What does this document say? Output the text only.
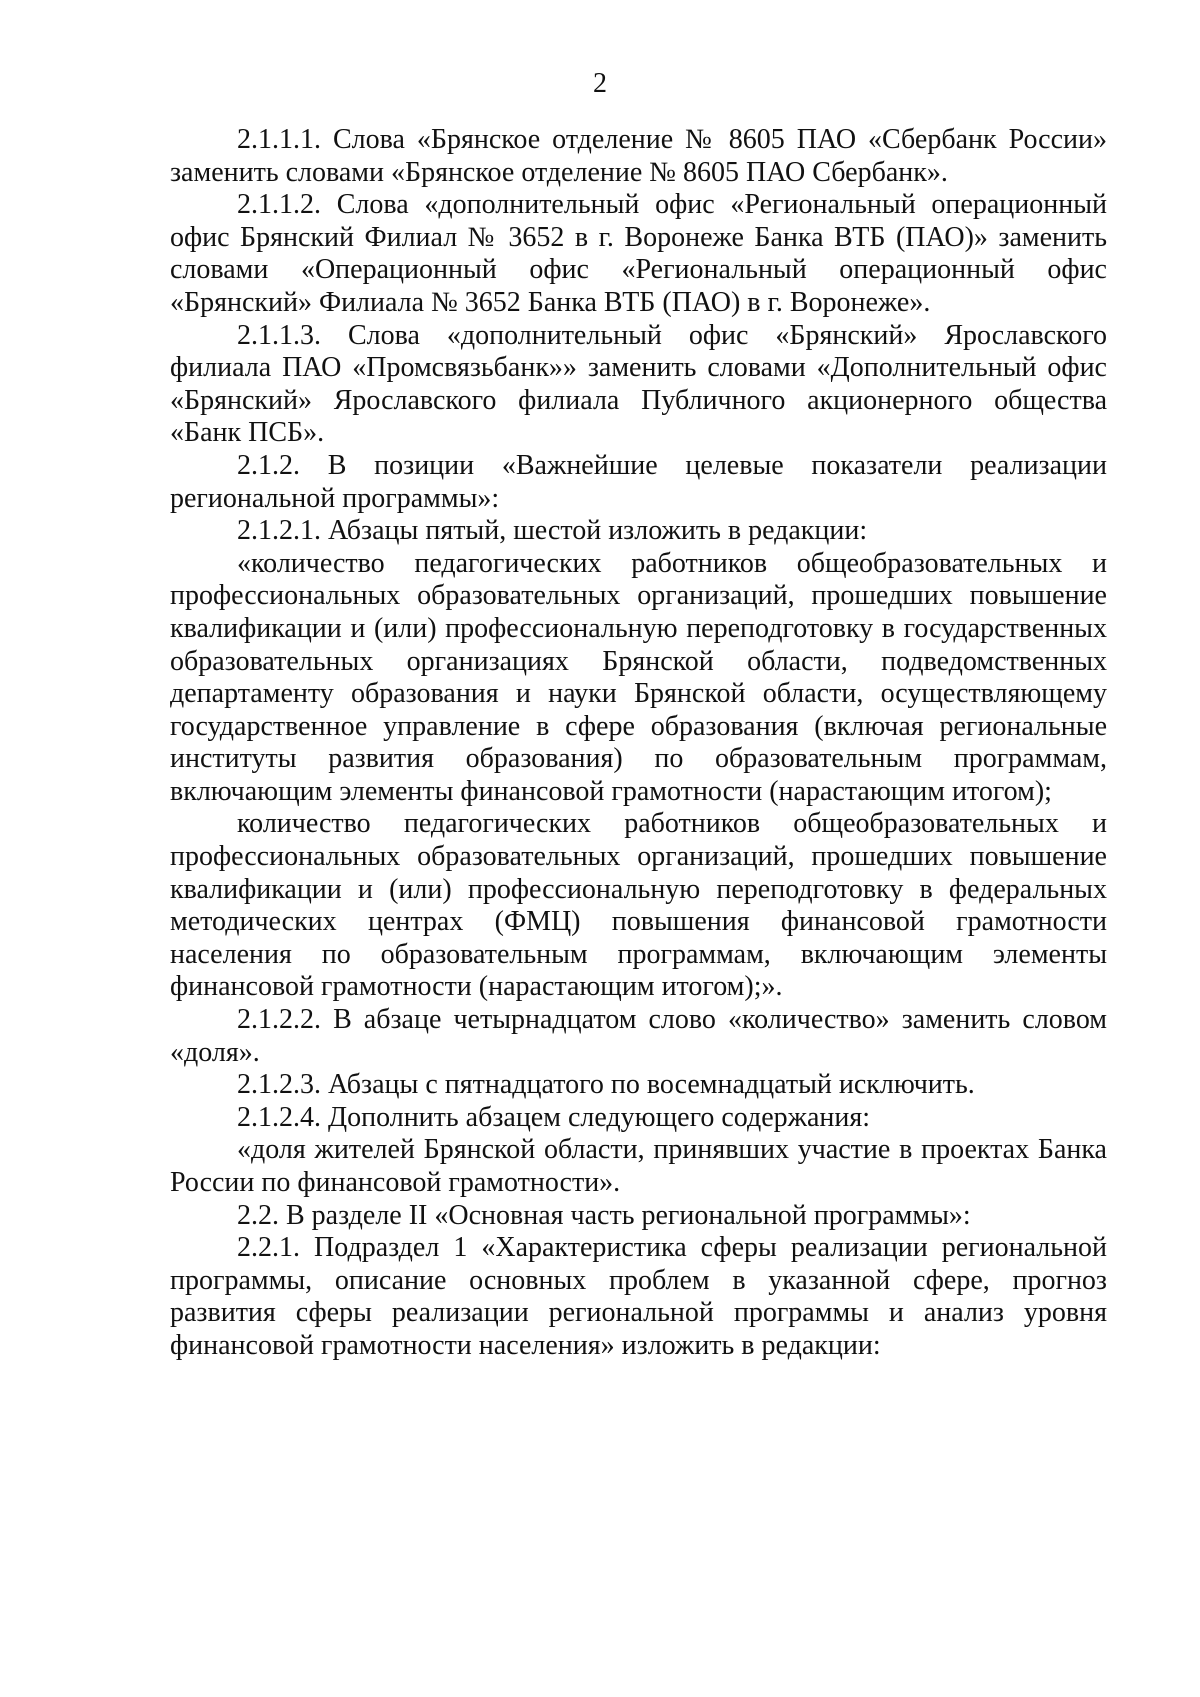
2

2.1.1.1. Слова «Брянское отделение № 8605 ПАО «Сбербанк России» заменить словами «Брянское отделение № 8605 ПАО Сбербанк».

2.1.1.2. Слова «дополнительный офис «Региональный операционный офис Брянский Филиал № 3652 в г. Воронеже Банка ВТБ (ПАО)» заменить словами «Операционный офис «Региональный операционный офис «Брянский» Филиала № 3652 Банка ВТБ (ПАО) в г. Воронеже».

2.1.1.3. Слова «дополнительный офис «Брянский» Ярославского филиала ПАО «Промсвязьбанк»» заменить словами «Дополнительный офис «Брянский» Ярославского филиала Публичного акционерного общества «Банк ПСБ».

2.1.2. В позиции «Важнейшие целевые показатели реализации региональной программы»:

2.1.2.1. Абзацы пятый, шестой изложить в редакции:

«количество педагогических работников общеобразовательных и профессиональных образовательных организаций, прошедших повышение квалификации и (или) профессиональную переподготовку в государственных образовательных организациях Брянской области, подведомственных департаменту образования и науки Брянской области, осуществляющему государственное управление в сфере образования (включая региональные институты развития образования) по образовательным программам, включающим элементы финансовой грамотности (нарастающим итогом);

количество педагогических работников общеобразовательных и профессиональных образовательных организаций, прошедших повышение квалификации и (или) профессиональную переподготовку в федеральных методических центрах (ФМЦ) повышения финансовой грамотности населения по образовательным программам, включающим элементы финансовой грамотности (нарастающим итогом);».

2.1.2.2. В абзаце четырнадцатом слово «количество» заменить словом «доля».

2.1.2.3. Абзацы с пятнадцатого по восемнадцатый исключить.

2.1.2.4. Дополнить абзацем следующего содержания:

«доля жителей Брянской области, принявших участие в проектах Банка России по финансовой грамотности».

2.2. В разделе II «Основная часть региональной программы»:

2.2.1. Подраздел 1 «Характеристика сферы реализации региональной программы, описание основных проблем в указанной сфере, прогноз развития сферы реализации региональной программы и анализ уровня финансовой грамотности населения» изложить в редакции:
